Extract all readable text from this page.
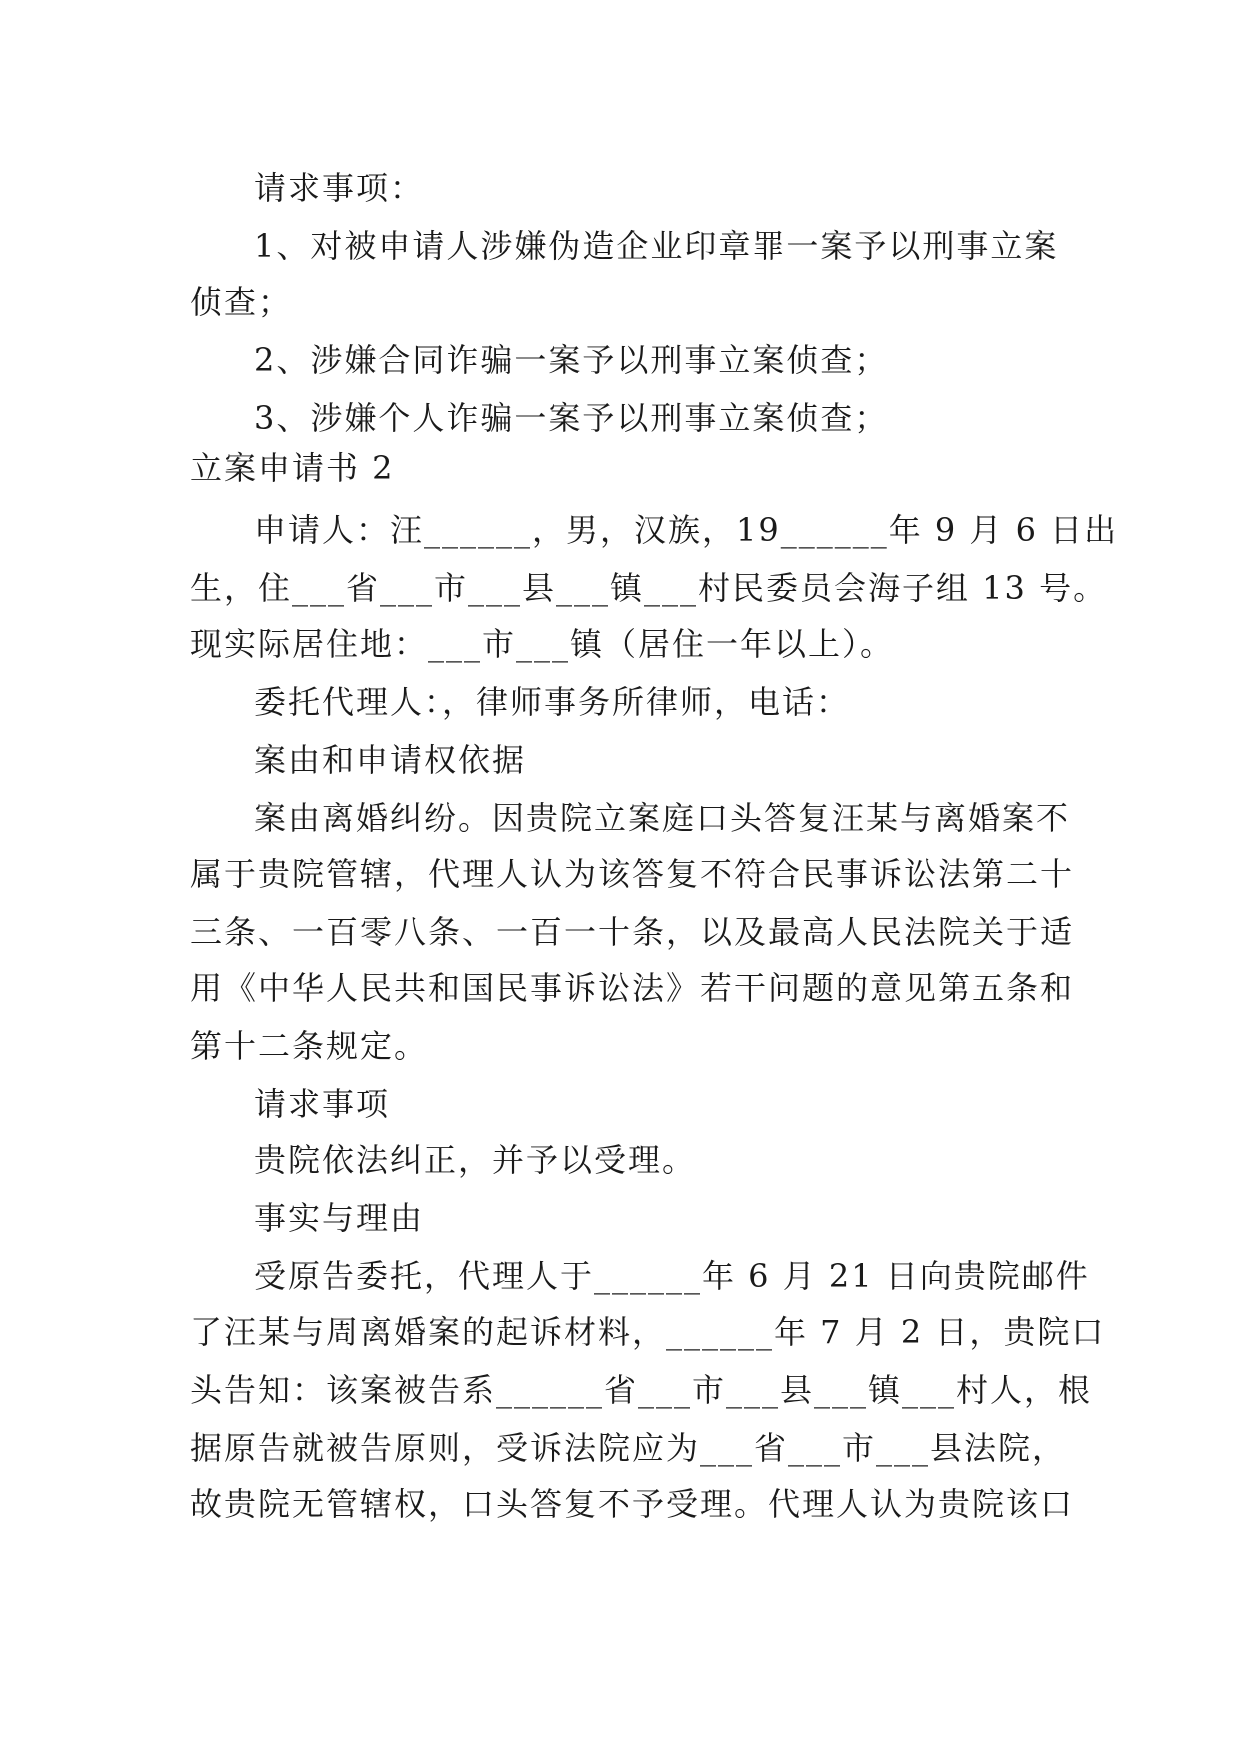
请求事项：

1、对被申请人涉嫌伪造企业印章罪一案予以刑事立案

侦查；

2、涉嫌合同诈骗一案予以刑事立案侦查；

3、涉嫌个人诈骗一案予以刑事立案侦查；

立案申请书 2

申请人：汪______，男，汉族，19______年 9 月 6 日出

生，住___省___市___县___镇___村民委员会海子组 13 号。

现实际居住地：___市___镇（居住一年以上）。

委托代理人：，律师事务所律师，电话：

案由和申请权依据

案由离婚纠纷。因贵院立案庭口头答复汪某与离婚案不

属于贵院管辖，代理人认为该答复不符合民事诉讼法第二十

三条、一百零八条、一百一十条，以及最高人民法院关于适

用《中华人民共和国民事诉讼法》若干问题的意见第五条和

第十二条规定。

请求事项

贵院依法纠正，并予以受理。

事实与理由

受原告委托，代理人于______年 6 月 21 日向贵院邮件

了汪某与周离婚案的起诉材料，______年 7 月 2 日，贵院口

头告知：该案被告系______省___市___县___镇___村人，根

据原告就被告原则，受诉法院应为___省___市___县法院，

故贵院无管辖权，口头答复不予受理。代理人认为贵院该口
